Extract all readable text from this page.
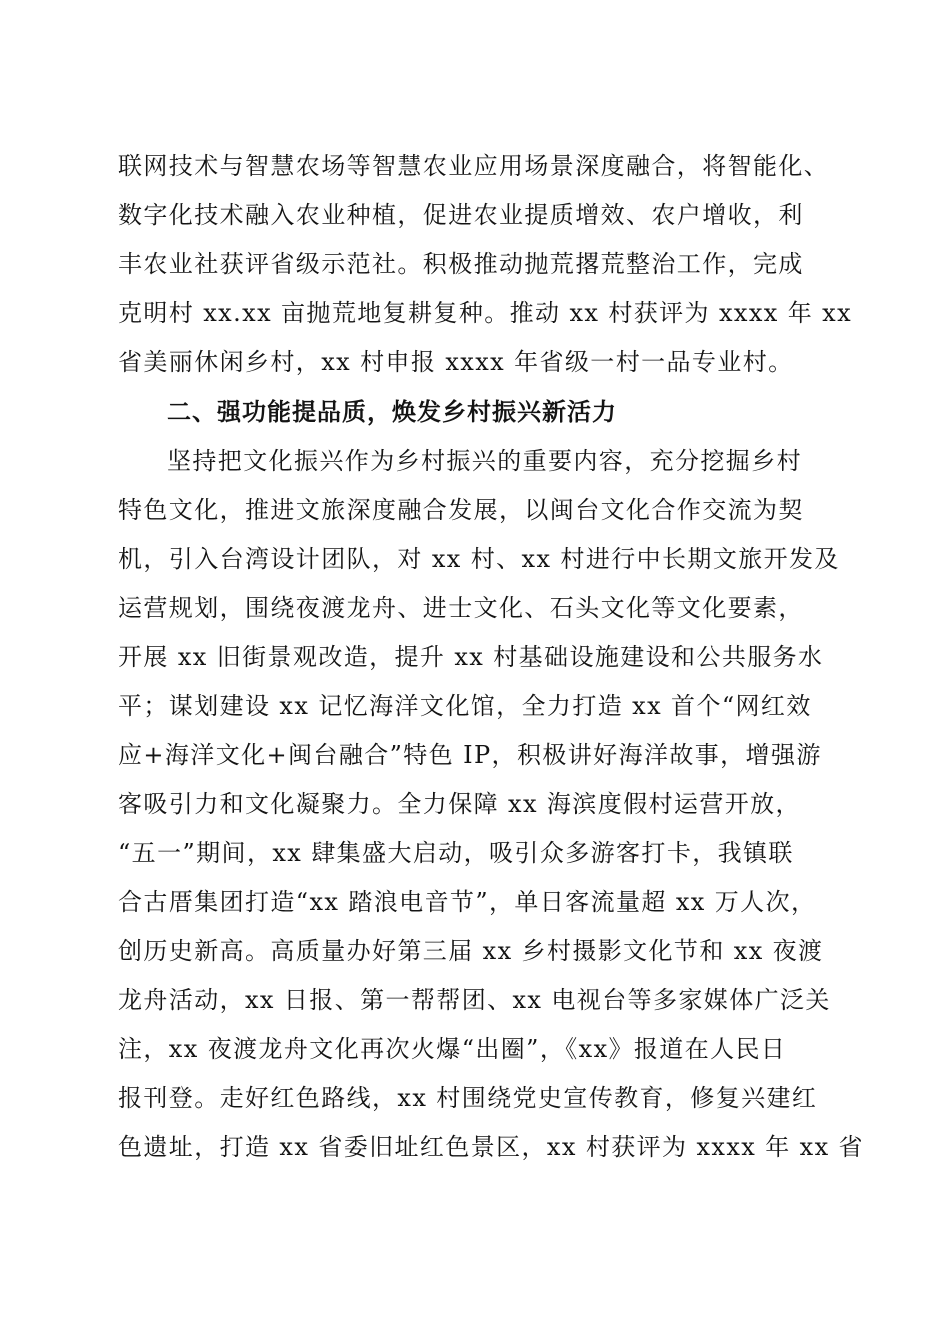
联网技术与智慧农场等智慧农业应用场景深度融合，将智能化、
数字化技术融入农业种植，促进农业提质增效、农户增收，利
丰农业社获评省级示范社。积极推动抛荒撂荒整治工作，完成
克明村 xx.xx 亩抛荒地复耕复种。推动 xx 村获评为 xxxx 年 xx
省美丽休闲乡村，xx 村申报 xxxx 年省级一村一品专业村。
二、强功能提品质，焕发乡村振兴新活力
坚持把文化振兴作为乡村振兴的重要内容，充分挖掘乡村
特色文化，推进文旅深度融合发展，以闽台文化合作交流为契
机，引入台湾设计团队，对 xx 村、xx 村进行中长期文旅开发及
运营规划，围绕夜渡龙舟、进士文化、石头文化等文化要素，
开展 xx 旧街景观改造，提升 xx 村基础设施建设和公共服务水
平；谋划建设 xx 记忆海洋文化馆，全力打造 xx 首个“网红效
应+海洋文化+闽台融合”特色 IP，积极讲好海洋故事，增强游
客吸引力和文化凝聚力。全力保障 xx 海滨度假村运营开放，
“五一”期间，xx 肆集盛大启动，吸引众多游客打卡，我镇联
合古厝集团打造“xx 踏浪电音节”，单日客流量超 xx 万人次，
创历史新高。高质量办好第三届 xx 乡村摄影文化节和 xx 夜渡
龙舟活动，xx 日报、第一帮帮团、xx 电视台等多家媒体广泛关
注，xx 夜渡龙舟文化再次火爆“出圈”，《xx》报道在人民日
报刊登。走好红色路线，xx 村围绕党史宣传教育，修复兴建红
色遗址，打造 xx 省委旧址红色景区，xx 村获评为 xxxx 年 xx 省
